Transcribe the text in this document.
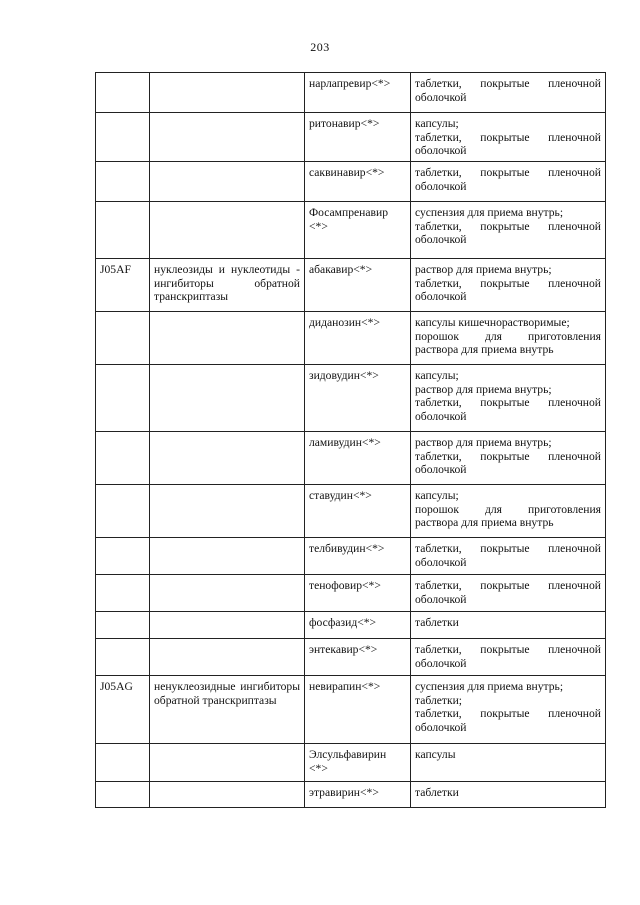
203
		нарлапревир<*>	таблетки, покрытые пленочной
оболочкой

		ритонавир<*>	капсулы;
таблетки, покрытые пленочной
оболочкой

		саквинавир<*>	таблетки, покрытые пленочной
оболочкой

		Фосампренавир <*>	суспензия для приема внутрь;
таблетки, покрытые пленочной
оболочкой

J05AF	нуклеозиды и нуклеотиды - ингибиторы обратной транскриптазы	абакавир<*>	раствор для приема внутрь;
таблетки, покрытые пленочной
оболочкой

		диданозин<*>	капсулы кишечнорастворимые;
порошок для приготовления
раствора для приема внутрь

		зидовудин<*>	капсулы;
раствор для приема внутрь;
таблетки, покрытые пленочной
оболочкой

		ламивудин<*>	раствор для приема внутрь;
таблетки, покрытые пленочной
оболочкой

		ставудин<*>	капсулы;
порошок для приготовления
раствора для приема внутрь

		телбивудин<*>	таблетки, покрытые пленочной
оболочкой

		тенофовир<*>	таблетки, покрытые пленочной
оболочкой

		фосфазид<*>	таблетки

		энтекавир<*>	таблетки, покрытые пленочной
оболочкой

J05AG	ненуклеозидные ингибиторы обратной транскриптазы	невирапин<*>	суспензия для приема внутрь;
таблетки;
таблетки, покрытые пленочной
оболочкой

		Элсульфавирин <*>	капсулы

		этравирин<*>	таблетки
